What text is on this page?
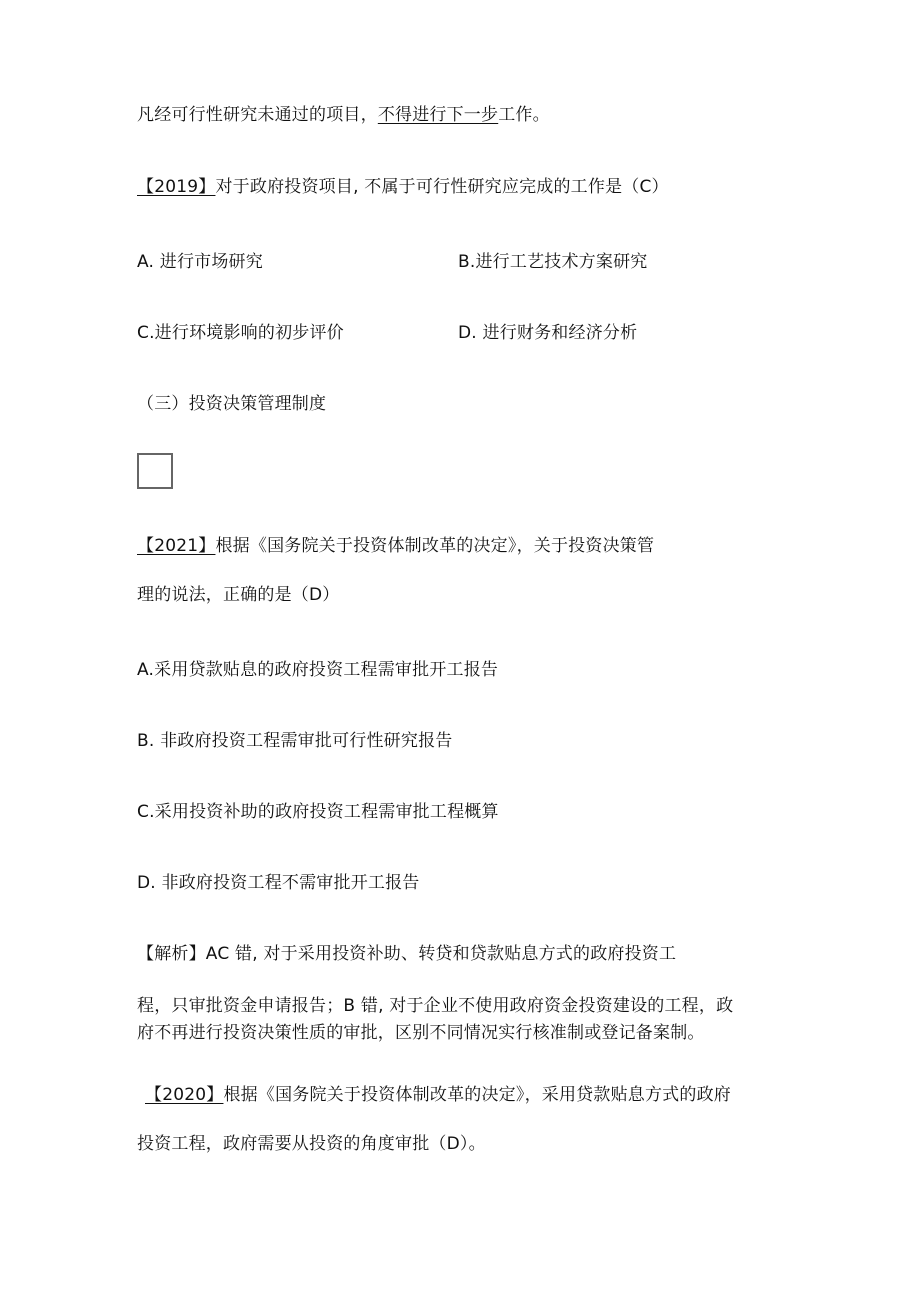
凡经可行性研究未通过的项目，不得进行下一步工作。
【2019】对于政府投资项目, 不属于可行性研究应完成的工作是（C）
A. 进行市场研究	B.进行工艺技术方案研究
C.进行环境影响的初步评价	D. 进行财务和经济分析
（三）投资决策管理制度
【2021】根据《国务院关于投资体制改革的决定》，关于投资决策管
理的说法，正确的是（D）
A.采用贷款贴息的政府投资工程需审批开工报告
B. 非政府投资工程需审批可行性研究报告
C.采用投资补助的政府投资工程需审批工程概算
D. 非政府投资工程不需审批开工报告
【解析】AC 错, 对于采用投资补助、转贷和贷款贴息方式的政府投资工
程，只审批资金申请报告；B 错, 对于企业不使用政府资金投资建设的工程，政
府不再进行投资决策性质的审批，区别不同情况实行核准制或登记备案制。
【2020】根据《国务院关于投资体制改革的决定》，采用贷款贴息方式的政府
投资工程，政府需要从投资的角度审批（D）。
